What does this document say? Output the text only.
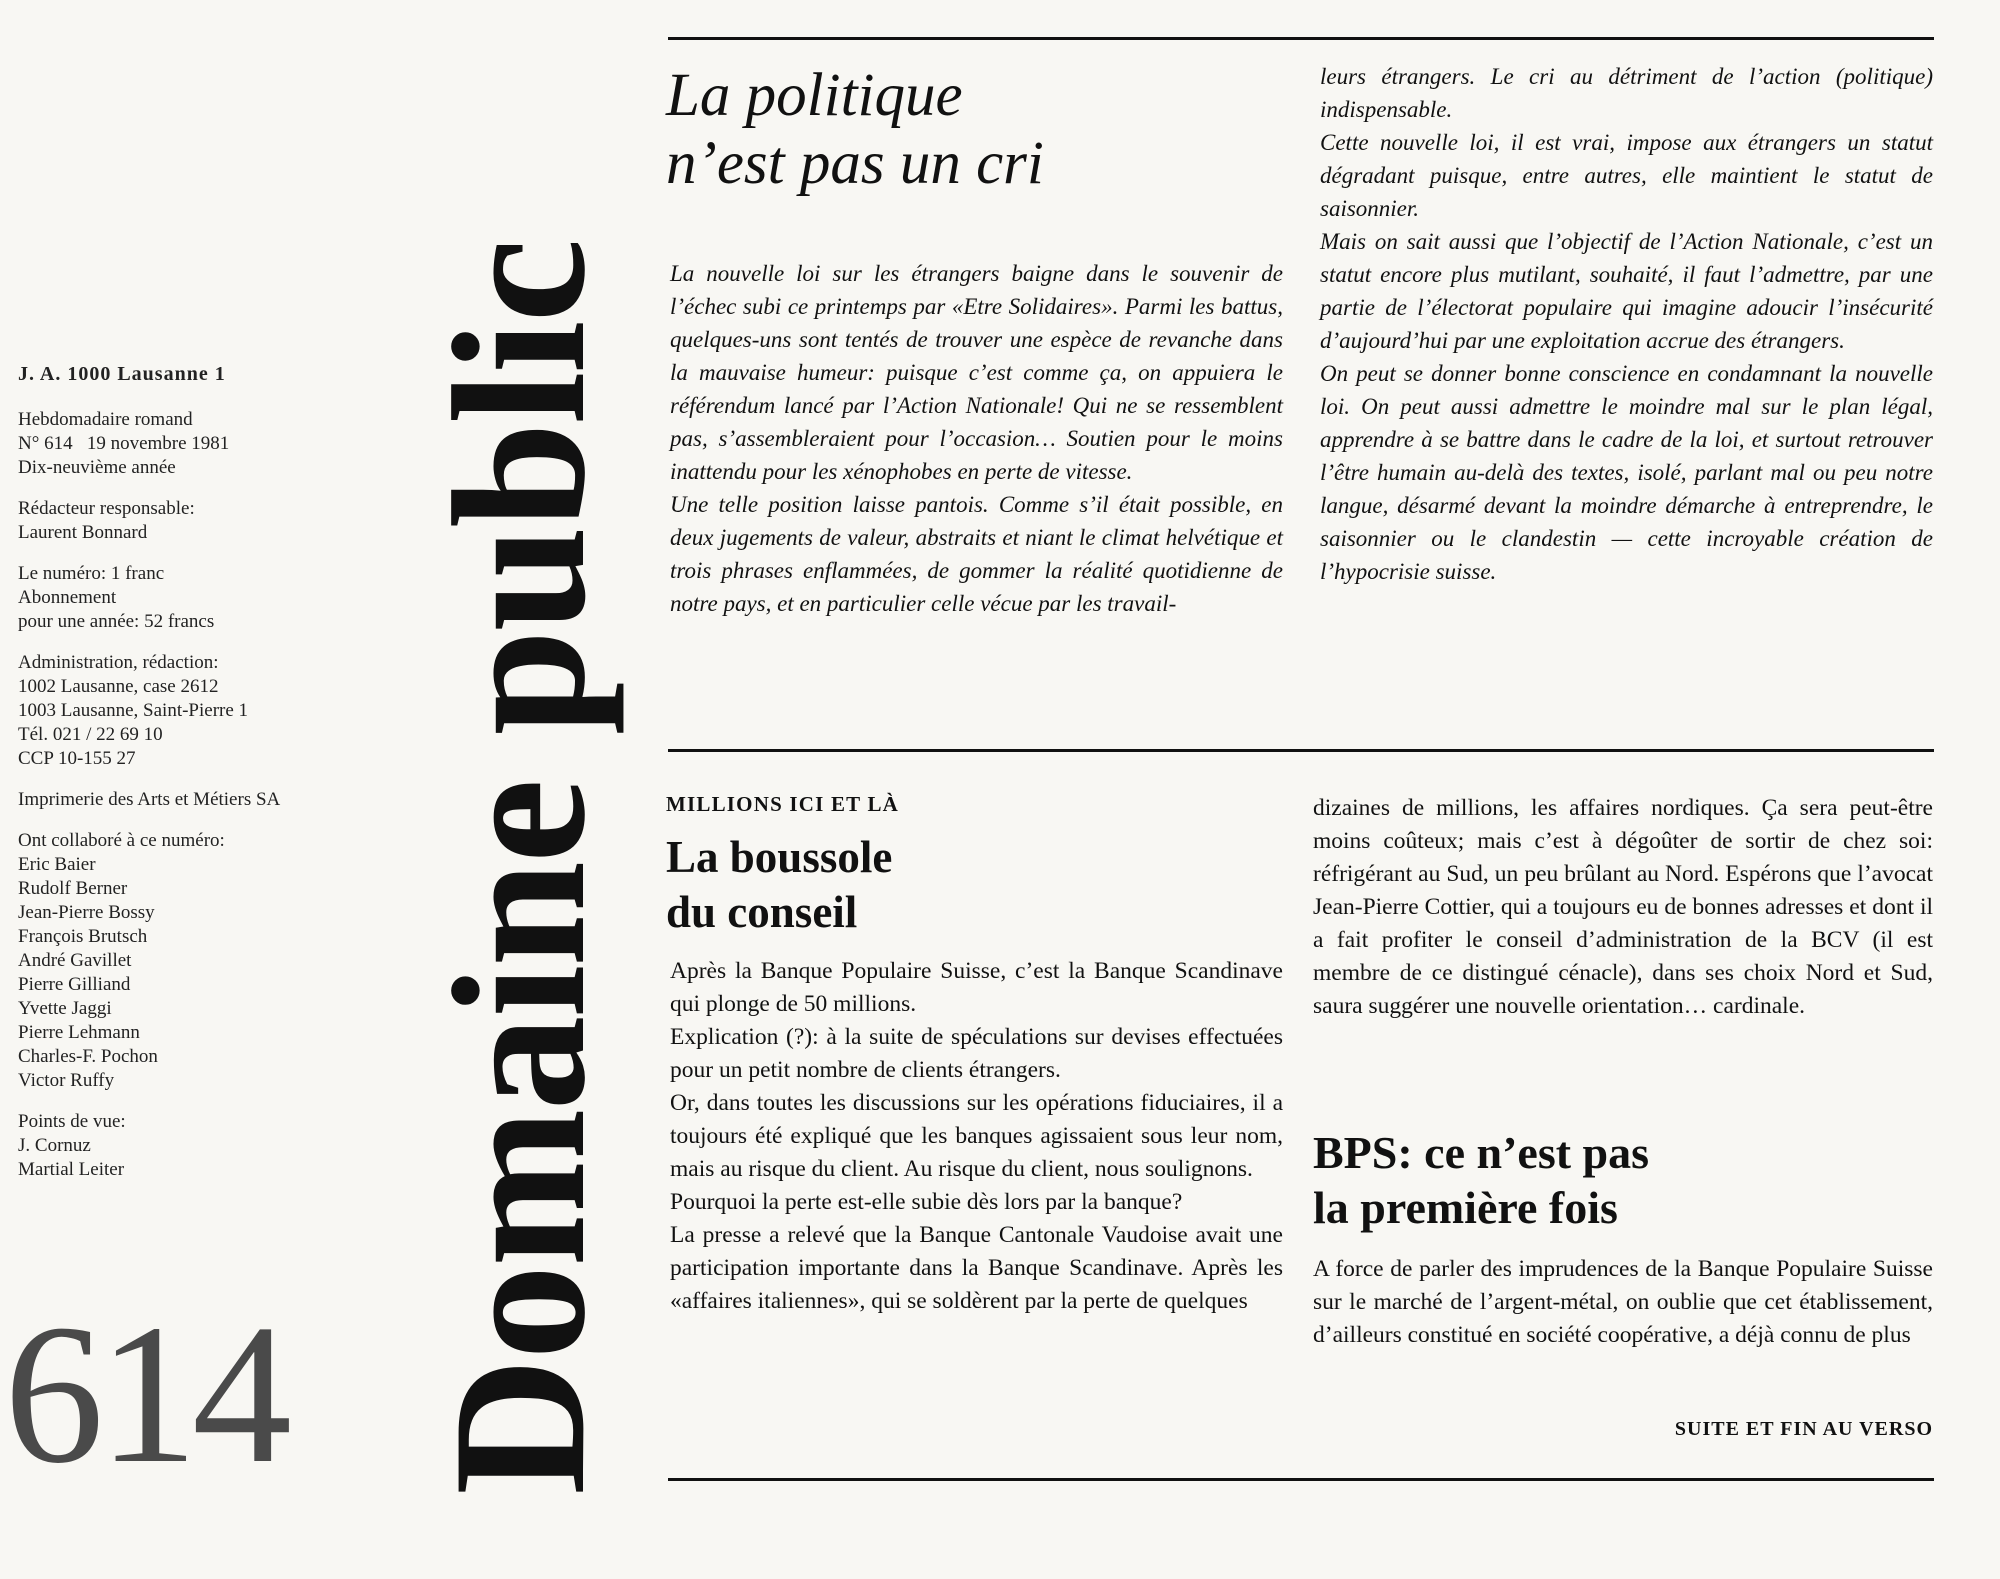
J. A. 1000 Lausanne 1
Hebdomadaire romand
N° 614   19 novembre 1981
Dix-neuvième année
Rédacteur responsable:
Laurent Bonnard
Le numéro: 1 franc
Abonnement
pour une année: 52 francs
Administration, rédaction:
1002 Lausanne, case 2612
1003 Lausanne, Saint-Pierre 1
Tél. 021 / 22 69 10
CCP 10-155 27
Imprimerie des Arts et Métiers SA
Ont collaboré à ce numéro:
Eric Baier
Rudolf Berner
Jean-Pierre Bossy
François Brutsch
André Gavillet
Pierre Gilliand
Yvette Jaggi
Pierre Lehmann
Charles-F. Pochon
Victor Ruffy
Points de vue:
J. Cornuz
Martial Leiter
614 Domaine public
La politique
n’est pas un cri

La nouvelle loi sur les étrangers baigne dans le souvenir de l’échec subi ce printemps par «Etre Solidaires». Parmi les battus, quelques-uns sont tentés de trouver une espèce de revanche dans la mauvaise humeur: puisque c’est comme ça, on appuiera le référendum lancé par l’Action Nationale! Qui ne se ressemblent pas, s’assembleraient pour l’occasion… Soutien pour le moins inattendu pour les xénophobes en perte de vitesse.

Une telle position laisse pantois. Comme s’il était possible, en deux jugements de valeur, abstraits et niant le climat helvétique et trois phrases enflammées, de gommer la réalité quotidienne de notre pays, et en particulier celle vécue par les travail-

leurs étrangers. Le cri au détriment de l’action (politique) indispensable.

Cette nouvelle loi, il est vrai, impose aux étrangers un statut dégradant puisque, entre autres, elle maintient le statut de saisonnier.

Mais on sait aussi que l’objectif de l’Action Nationale, c’est un statut encore plus mutilant, souhaité, il faut l’admettre, par une partie de l’électorat populaire qui imagine adoucir l’insécurité d’aujourd’hui par une exploitation accrue des étrangers.

On peut se donner bonne conscience en condamnant la nouvelle loi. On peut aussi admettre le moindre mal sur le plan légal, apprendre à se battre dans le cadre de la loi, et surtout retrouver l’être humain au-delà des textes, isolé, parlant mal ou peu notre langue, désarmé devant la moindre démarche à entreprendre, le saisonnier ou le clandestin — cette incroyable création de l’hypocrisie suisse.

MILLIONS ICI ET LÀ
La boussole
du conseil

Après la Banque Populaire Suisse, c’est la Banque Scandinave qui plonge de 50 millions.

Explication (?): à la suite de spéculations sur devises effectuées pour un petit nombre de clients étrangers.

Or, dans toutes les discussions sur les opérations fiduciaires, il a toujours été expliqué que les banques agissaient sous leur nom, mais au risque du client. Au risque du client, nous soulignons.

Pourquoi la perte est-elle subie dès lors par la banque?

La presse a relevé que la Banque Cantonale Vaudoise avait une participation importante dans la Banque Scandinave. Après les «affaires italiennes», qui se soldèrent par la perte de quelques

dizaines de millions, les affaires nordiques. Ça sera peut-être moins coûteux; mais c’est à dégoûter de sortir de chez soi: réfrigérant au Sud, un peu brûlant au Nord. Espérons que l’avocat Jean-Pierre Cottier, qui a toujours eu de bonnes adresses et dont il a fait profiter le conseil d’administration de la BCV (il est membre de ce distingué cénacle), dans ses choix Nord et Sud, saura suggérer une nouvelle orientation… cardinale.

BPS: ce n’est pas
la première fois

A force de parler des imprudences de la Banque Populaire Suisse sur le marché de l’argent-métal, on oublie que cet établissement, d’ailleurs constitué en société coopérative, a déjà connu de plus

SUITE ET FIN AU VERSO
